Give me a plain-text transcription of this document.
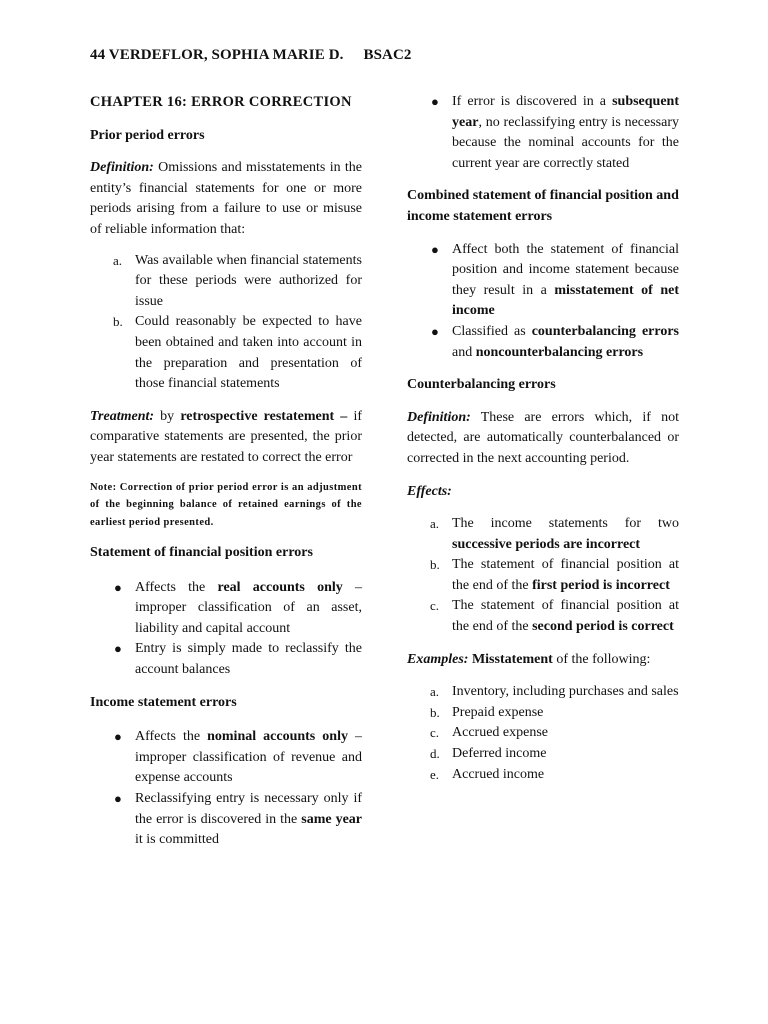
44 VERDEFLOR, SOPHIA MARIE D. BSAC2

CHAPTER 16: ERROR CORRECTION

Prior period errors

Definition: Omissions and misstatements in the entity’s financial statements for one or more periods arising from a failure to use or misuse of reliable information that:

a. Was available when financial statements for these periods were authorized for issue
b. Could reasonably be expected to have been obtained and taken into account in the preparation and presentation of those financial statements

Treatment: by retrospective restatement – if comparative statements are presented, the prior year statements are restated to correct the error

Note: Correction of prior period error is an adjustment of the beginning balance of retained earnings of the earliest period presented.

Statement of financial position errors

● Affects the real accounts only – improper classification of an asset, liability and capital account
● Entry is simply made to reclassify the account balances

Income statement errors

● Affects the nominal accounts only – improper classification of revenue and expense accounts
● Reclassifying entry is necessary only if the error is discovered in the same year it is committed
● If error is discovered in a subsequent year, no reclassifying entry is necessary because the nominal accounts for the current year are correctly stated

Combined statement of financial position and income statement errors

● Affect both the statement of financial position and income statement because they result in a misstatement of net income
● Classified as counterbalancing errors and noncounterbalancing errors

Counterbalancing errors

Definition: These are errors which, if not detected, are automatically counterbalanced or corrected in the next accounting period.

Effects:

a. The income statements for two successive periods are incorrect
b. The statement of financial position at the end of the first period is incorrect
c. The statement of financial position at the end of the second period is correct

Examples: Misstatement of the following:

a. Inventory, including purchases and sales
b. Prepaid expense
c. Accrued expense
d. Deferred income
e. Accrued income
